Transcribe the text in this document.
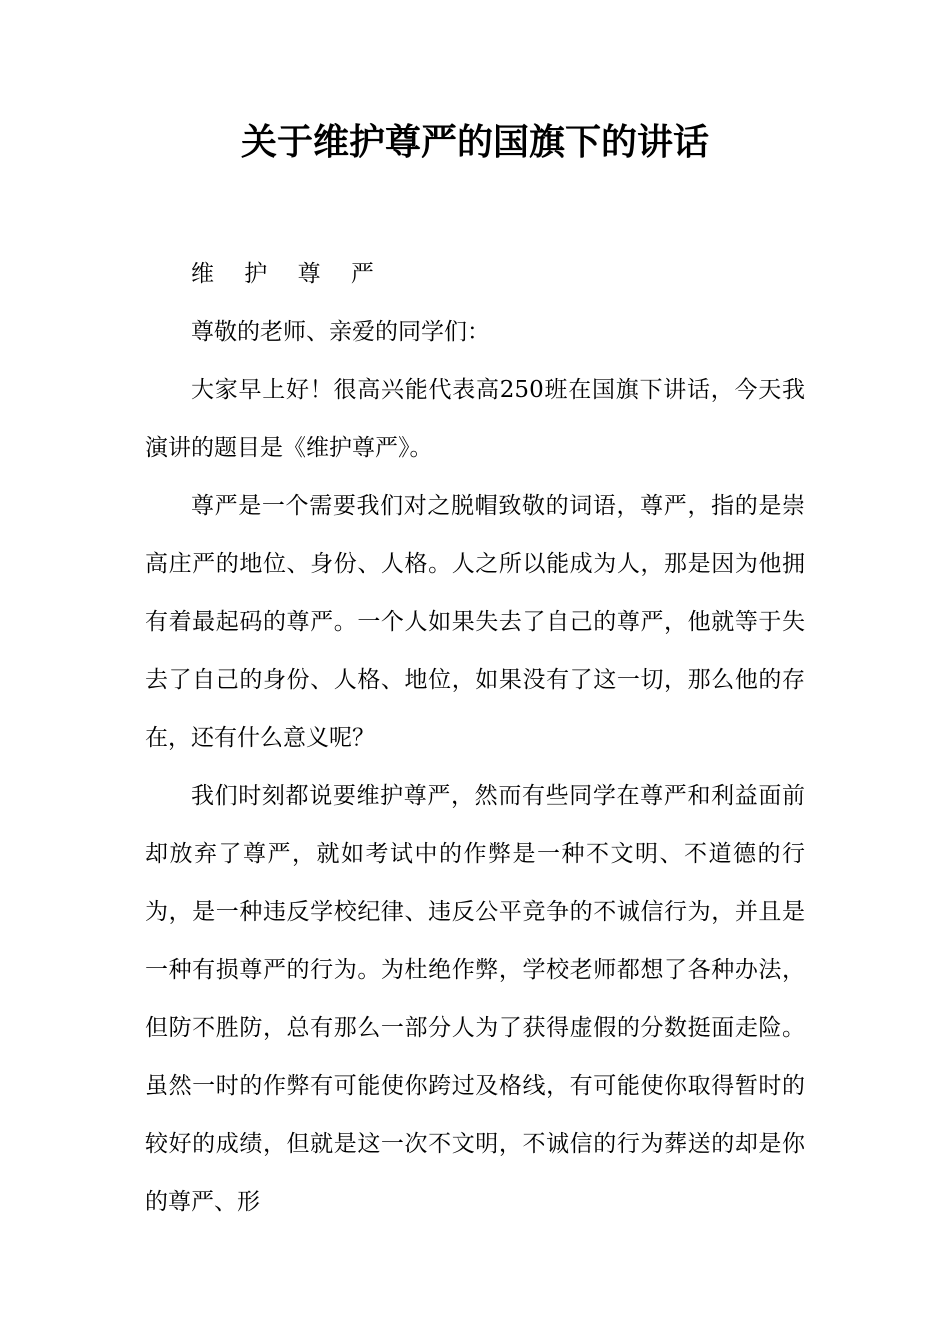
关于维护尊严的国旗下的讲话

维 护 尊 严

尊敬的老师、亲爱的同学们：

大家早上好！很高兴能代表高250班在国旗下讲话，今天我演讲的题目是《维护尊严》。

尊严是一个需要我们对之脱帽致敬的词语，尊严，指的是崇高庄严的地位、身份、人格。人之所以能成为人，那是因为他拥有着最起码的尊严。一个人如果失去了自己的尊严，他就等于失去了自己的身份、人格、地位，如果没有了这一切，那么他的存在，还有什么意义呢？

我们时刻都说要维护尊严，然而有些同学在尊严和利益面前却放弃了尊严，就如考试中的作弊是一种不文明、不道德的行为，是一种违反学校纪律、违反公平竞争的不诚信行为，并且是一种有损尊严的行为。为杜绝作弊，学校老师都想了各种办法，但防不胜防，总有那么一部分人为了获得虚假的分数挺面走险。虽然一时的作弊有可能使你跨过及格线，有可能使你取得暂时的较好的成绩，但就是这一次不文明，不诚信的行为葬送的却是你的尊严、形
